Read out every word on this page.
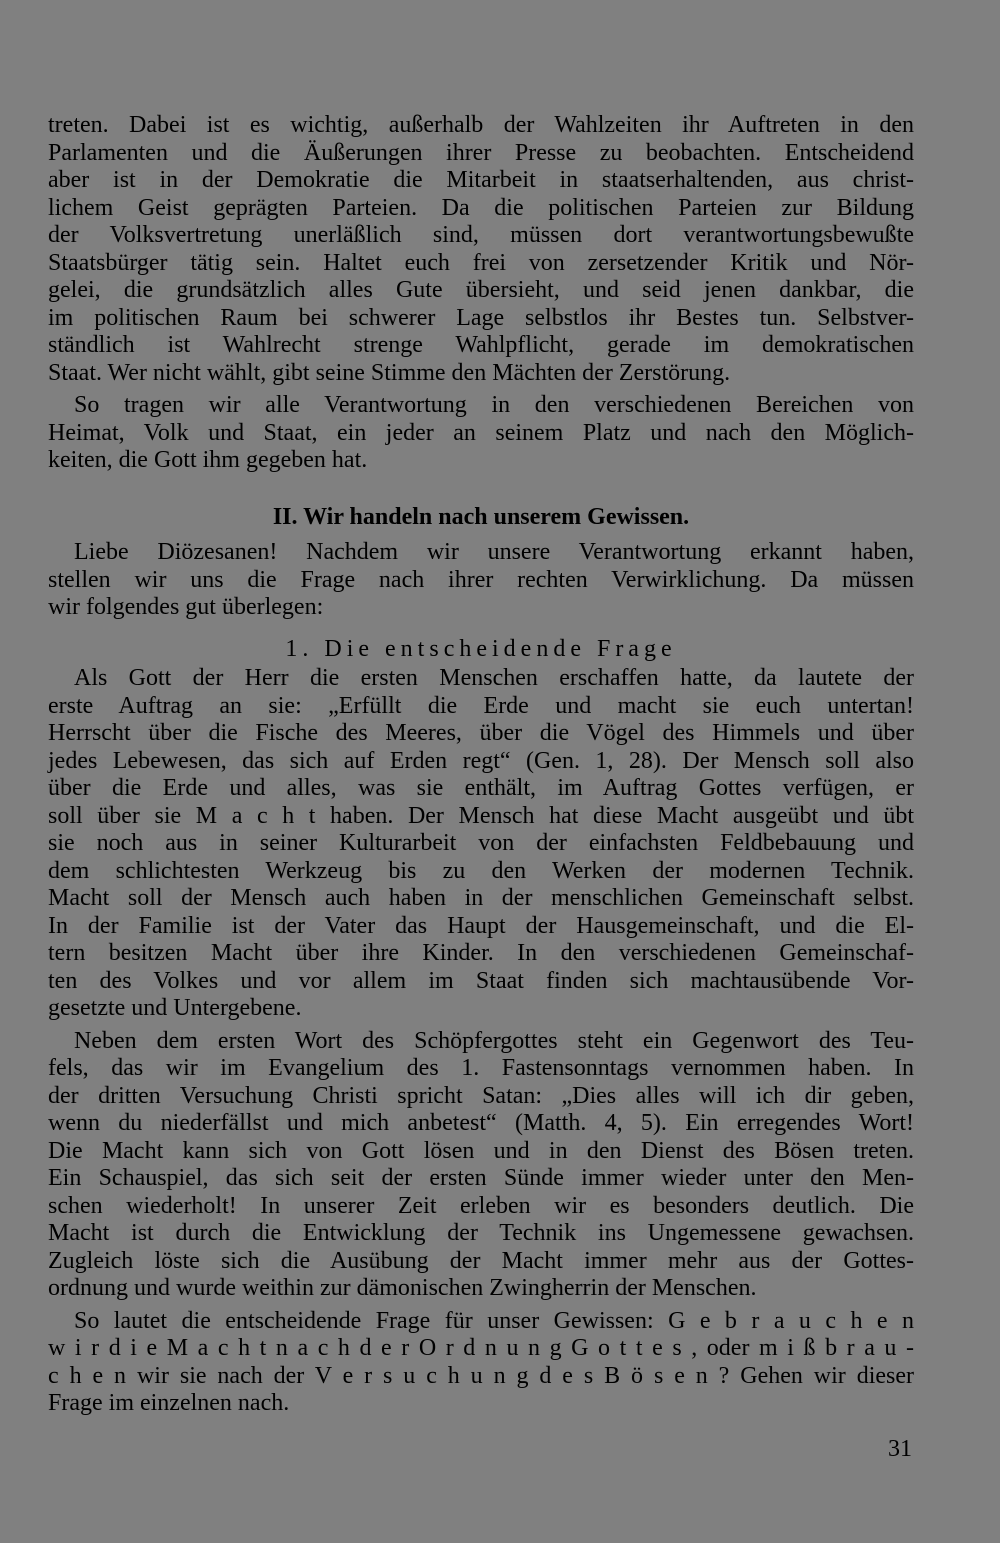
treten. Dabei ist es wichtig, außerhalb der Wahlzeiten ihr Auftreten in den
Parlamenten und die Äußerungen ihrer Presse zu beobachten. Entscheidend
aber ist in der Demokratie die Mitarbeit in staatserhaltenden, aus christ-
lichem Geist geprägten Parteien. Da die politischen Parteien zur Bildung
der Volksvertretung unerläßlich sind, müssen dort verantwortungsbewußte
Staatsbürger tätig sein. Haltet euch frei von zersetzender Kritik und Nör-
gelei, die grundsätzlich alles Gute übersieht, und seid jenen dankbar, die
im politischen Raum bei schwerer Lage selbstlos ihr Bestes tun. Selbstver-
ständlich ist Wahlrecht strenge Wahlpflicht, gerade im demokratischen
Staat. Wer nicht wählt, gibt seine Stimme den Mächten der Zerstörung.
So tragen wir alle Verantwortung in den verschiedenen Bereichen von
Heimat, Volk und Staat, ein jeder an seinem Platz und nach den Möglich-
keiten, die Gott ihm gegeben hat.
II. Wir handeln nach unserem Gewissen.
Liebe Diözesanen! Nachdem wir unsere Verantwortung erkannt haben,
stellen wir uns die Frage nach ihrer rechten Verwirklichung. Da müssen
wir folgendes gut überlegen:
1. Die entscheidende Frage
Als Gott der Herr die ersten Menschen erschaffen hatte, da lautete der
erste Auftrag an sie: „Erfüllt die Erde und macht sie euch untertan!
Herrscht über die Fische des Meeres, über die Vögel des Himmels und über
jedes Lebewesen, das sich auf Erden regt“ (Gen. 1, 28). Der Mensch soll also
über die Erde und alles, was sie enthält, im Auftrag Gottes verfügen, er
soll über sie M a c h t haben. Der Mensch hat diese Macht ausgeübt und übt
sie noch aus in seiner Kulturarbeit von der einfachsten Feldbebauung und
dem schlichtesten Werkzeug bis zu den Werken der modernen Technik.
Macht soll der Mensch auch haben in der menschlichen Gemeinschaft selbst.
In der Familie ist der Vater das Haupt der Hausgemeinschaft, und die El-
tern besitzen Macht über ihre Kinder. In den verschiedenen Gemeinschaf-
ten des Volkes und vor allem im Staat finden sich machtausübende Vor-
gesetzte und Untergebene.
Neben dem ersten Wort des Schöpfergottes steht ein Gegenwort des Teu-
fels, das wir im Evangelium des 1. Fastensonntags vernommen haben. In
der dritten Versuchung Christi spricht Satan: „Dies alles will ich dir geben,
wenn du niederfällst und mich anbetest“ (Matth. 4, 5). Ein erregendes Wort!
Die Macht kann sich von Gott lösen und in den Dienst des Bösen treten.
Ein Schauspiel, das sich seit der ersten Sünde immer wieder unter den Men-
schen wiederholt! In unserer Zeit erleben wir es besonders deutlich. Die
Macht ist durch die Entwicklung der Technik ins Ungemessene gewachsen.
Zugleich löste sich die Ausübung der Macht immer mehr aus der Gottes-
ordnung und wurde weithin zur dämonischen Zwingherrin der Menschen.
So lautet die entscheidende Frage für unser Gewissen: G e b r a u c h e n
w i r d i e M a c h t n a c h d e r O r d n u n g G o t t e s , oder m i ß b r a u -
c h e n wir sie nach der V e r s u c h u n g d e s B ö s e n ? Gehen wir dieser
Frage im einzelnen nach.
31
